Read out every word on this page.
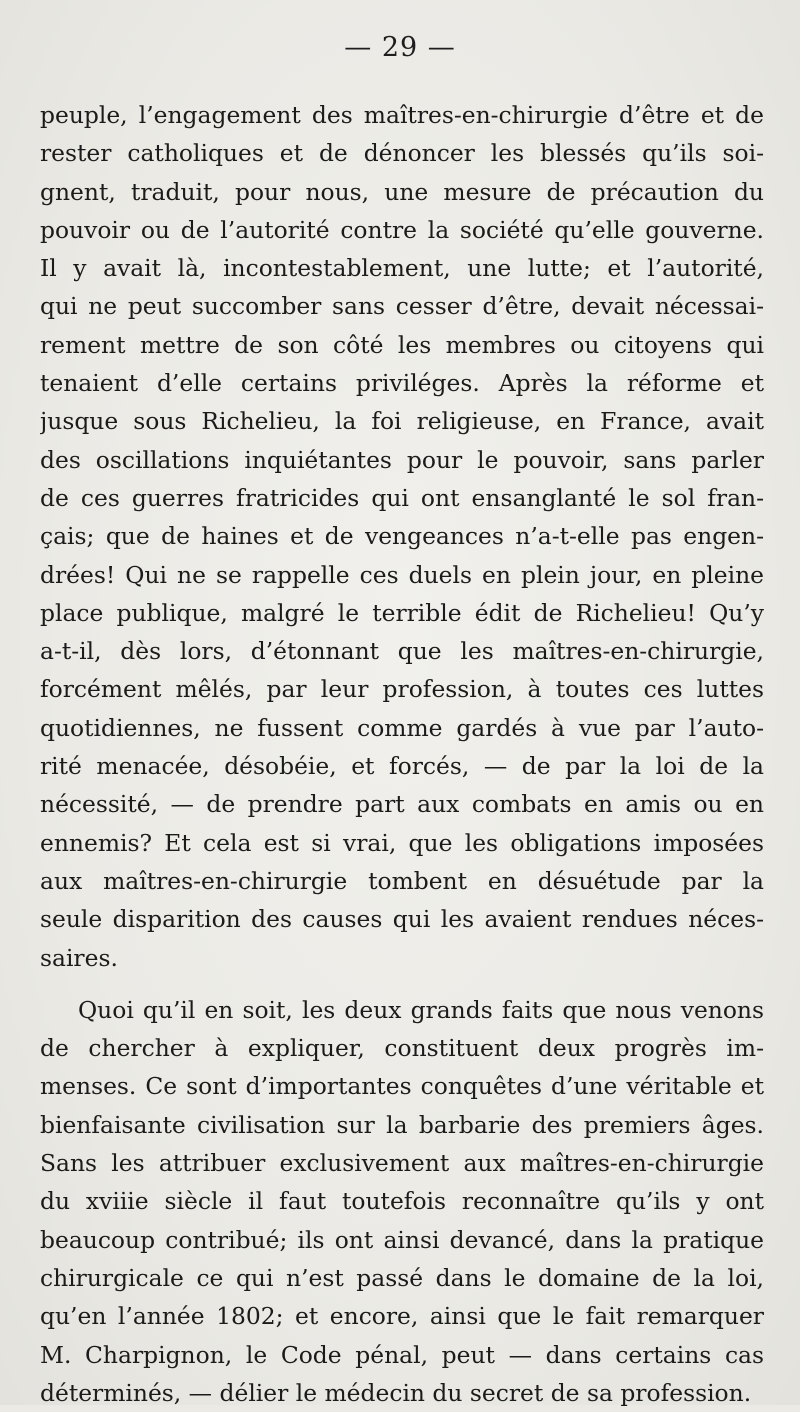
— 29 —
peuple, l’engagement des maîtres-en-chirurgie d’être et de
rester catholiques et de dénoncer les blessés qu’ils soi-
gnent, traduit, pour nous, une mesure de précaution du
pouvoir ou de l’autorité contre la société qu’elle gouverne.
Il y avait là, incontestablement, une lutte; et l’autorité,
qui ne peut succomber sans cesser d’être, devait nécessai-
rement mettre de son côté les membres ou citoyens qui
tenaient d’elle certains priviléges. Après la réforme et
jusque sous Richelieu, la foi religieuse, en France, avait
des oscillations inquiétantes pour le pouvoir, sans parler
de ces guerres fratricides qui ont ensanglanté le sol fran-
çais; que de haines et de vengeances n’a-t-elle pas engen-
drées! Qui ne se rappelle ces duels en plein jour, en pleine
place publique, malgré le terrible édit de Richelieu! Qu’y
a-t-il, dès lors, d’étonnant que les maîtres-en-chirurgie,
forcément mêlés, par leur profession, à toutes ces luttes
quotidiennes, ne fussent comme gardés à vue par l’auto-
rité menacée, désobéie, et forcés, — de par la loi de la
nécessité, — de prendre part aux combats en amis ou en
ennemis? Et cela est si vrai, que les obligations imposées
aux maîtres-en-chirurgie tombent en désuétude par la
seule disparition des causes qui les avaient rendues néces-
saires.
Quoi qu’il en soit, les deux grands faits que nous venons
de chercher à expliquer, constituent deux progrès im-
menses. Ce sont d’importantes conquêtes d’une véritable et
bienfaisante civilisation sur la barbarie des premiers âges.
Sans les attribuer exclusivement aux maîtres-en-chirurgie
du xviiie siècle il faut toutefois reconnaître qu’ils y ont
beaucoup contribué; ils ont ainsi devancé, dans la pratique
chirurgicale ce qui n’est passé dans le domaine de la loi,
qu’en l’année 1802; et encore, ainsi que le fait remarquer
M. Charpignon, le Code pénal, peut — dans certains cas
déterminés, — délier le médecin du secret de sa profession.
